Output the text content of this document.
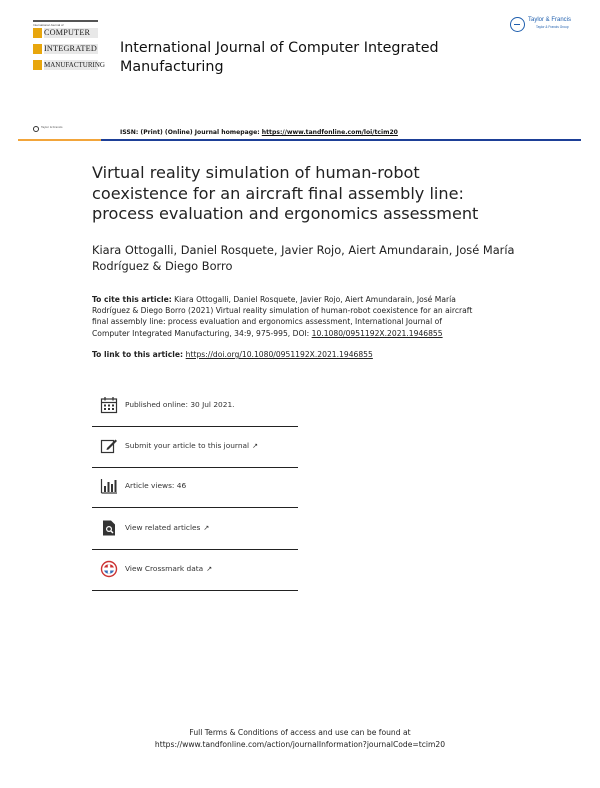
International Journal of
COMPUTER
INTEGRATED
MANUFACTURING
International Journal of Computer Integrated
Manufacturing
Taylor & Francis
Taylor & Francis Group
Taylor & Francis
ISSN: (Print) (Online) Journal homepage: https://www.tandfonline.com/loi/tcim20
Virtual reality simulation of human-robot
coexistence for an aircraft final assembly line:
process evaluation and ergonomics assessment
Kiara Ottogalli, Daniel Rosquete, Javier Rojo, Aiert Amundarain, José María
Rodríguez & Diego Borro
To cite this article: Kiara Ottogalli, Daniel Rosquete, Javier Rojo, Aiert Amundarain, José María
Rodríguez & Diego Borro (2021) Virtual reality simulation of human-robot coexistence for an aircraft
final assembly line: process evaluation and ergonomics assessment, International Journal of
Computer Integrated Manufacturing, 34:9, 975-995, DOI: 10.1080/0951192X.2021.1946855
To link to this article: https://doi.org/10.1080/0951192X.2021.1946855
Published online: 30 Jul 2021.
Submit your article to this journal ↗
Article views: 46
View related articles ↗
View Crossmark data ↗
Full Terms & Conditions of access and use can be found at
https://www.tandfonline.com/action/journalInformation?journalCode=tcim20
